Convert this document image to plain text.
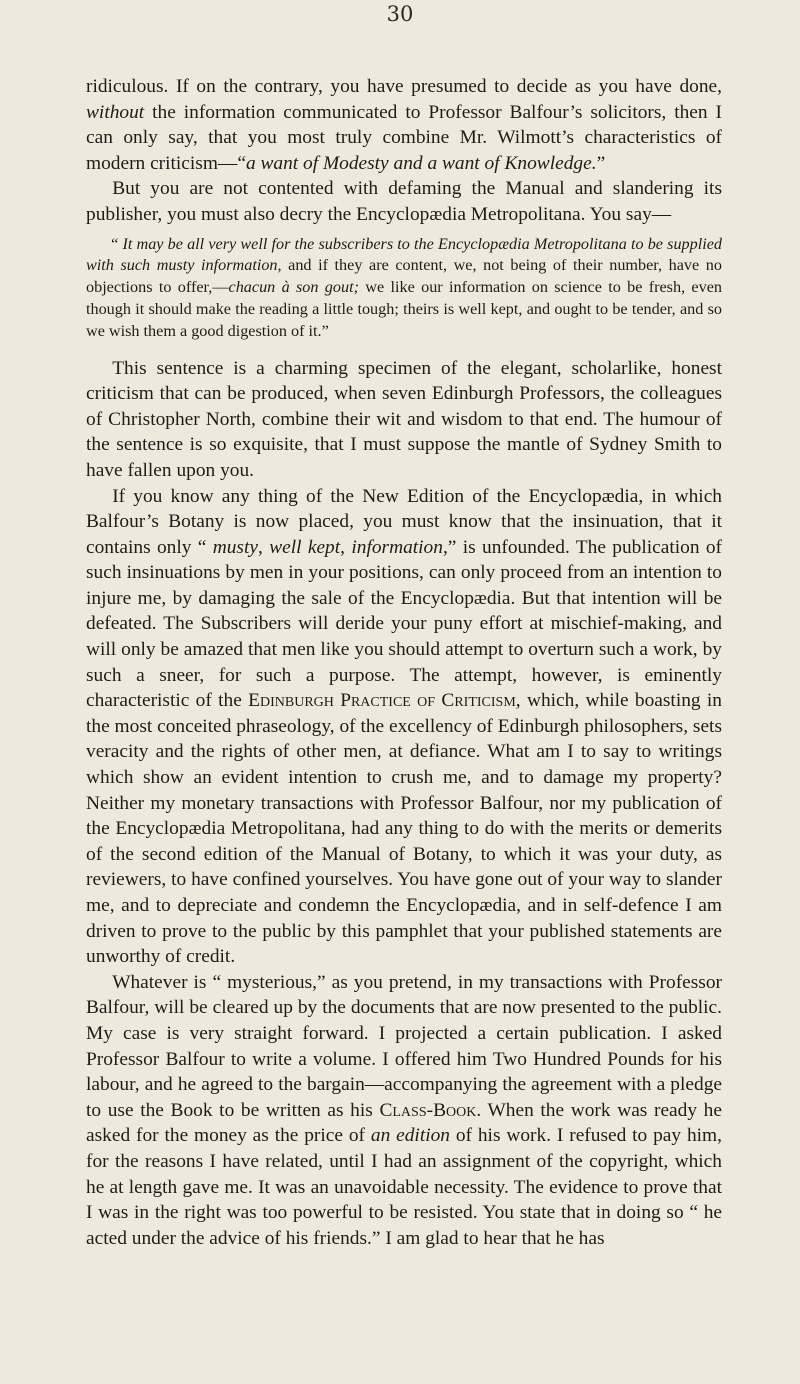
30

ridiculous. If on the contrary, you have presumed to decide as you have done, without the information communicated to Professor Balfour’s solicitors, then I can only say, that you most truly combine Mr. Wilmott’s characteristics of modern criticism—“a want of Modesty and a want of Knowledge.”

But you are not contented with defaming the Manual and slandering its publisher, you must also decry the Encyclopædia Metropolitana. You say—

“ It may be all very well for the subscribers to the Encyclopædia Metropolitana to be supplied with such musty information, and if they are content, we, not being of their number, have no objections to offer,—chacun à son gout; we like our information on science to be fresh, even though it should make the reading a little tough; theirs is well kept, and ought to be tender, and so we wish them a good digestion of it.”

This sentence is a charming specimen of the elegant, scholarlike, honest criticism that can be produced, when seven Edinburgh Professors, the colleagues of Christopher North, combine their wit and wisdom to that end. The humour of the sentence is so exquisite, that I must suppose the mantle of Sydney Smith to have fallen upon you.

If you know any thing of the New Edition of the Encyclopædia, in which Balfour’s Botany is now placed, you must know that the insinuation, that it contains only “ musty, well kept, information,” is unfounded. The publication of such insinuations by men in your positions, can only proceed from an intention to injure me, by damaging the sale of the Encyclopædia. But that intention will be defeated. The Subscribers will deride your puny effort at mischief-making, and will only be amazed that men like you should attempt to overturn such a work, by such a sneer, for such a purpose. The attempt, however, is eminently characteristic of the Edinburgh Practice of Criticism, which, while boasting in the most conceited phraseology, of the excellency of Edinburgh philosophers, sets veracity and the rights of other men, at defiance. What am I to say to writings which show an evident intention to crush me, and to damage my property? Neither my monetary transactions with Professor Balfour, nor my publication of the Encyclopædia Metropolitana, had any thing to do with the merits or demerits of the second edition of the Manual of Botany, to which it was your duty, as reviewers, to have confined yourselves. You have gone out of your way to slander me, and to depreciate and condemn the Encyclopædia, and in self-defence I am driven to prove to the public by this pamphlet that your published statements are unworthy of credit.

Whatever is “ mysterious,” as you pretend, in my transactions with Professor Balfour, will be cleared up by the documents that are now presented to the public. My case is very straight forward. I projected a certain publication. I asked Professor Balfour to write a volume. I offered him Two Hundred Pounds for his labour, and he agreed to the bargain—accompanying the agreement with a pledge to use the Book to be written as his Class-Book. When the work was ready he asked for the money as the price of an edition of his work. I refused to pay him, for the reasons I have related, until I had an assignment of the copyright, which he at length gave me. It was an unavoidable necessity. The evidence to prove that I was in the right was too powerful to be resisted. You state that in doing so “ he acted under the advice of his friends.” I am glad to hear that he has
